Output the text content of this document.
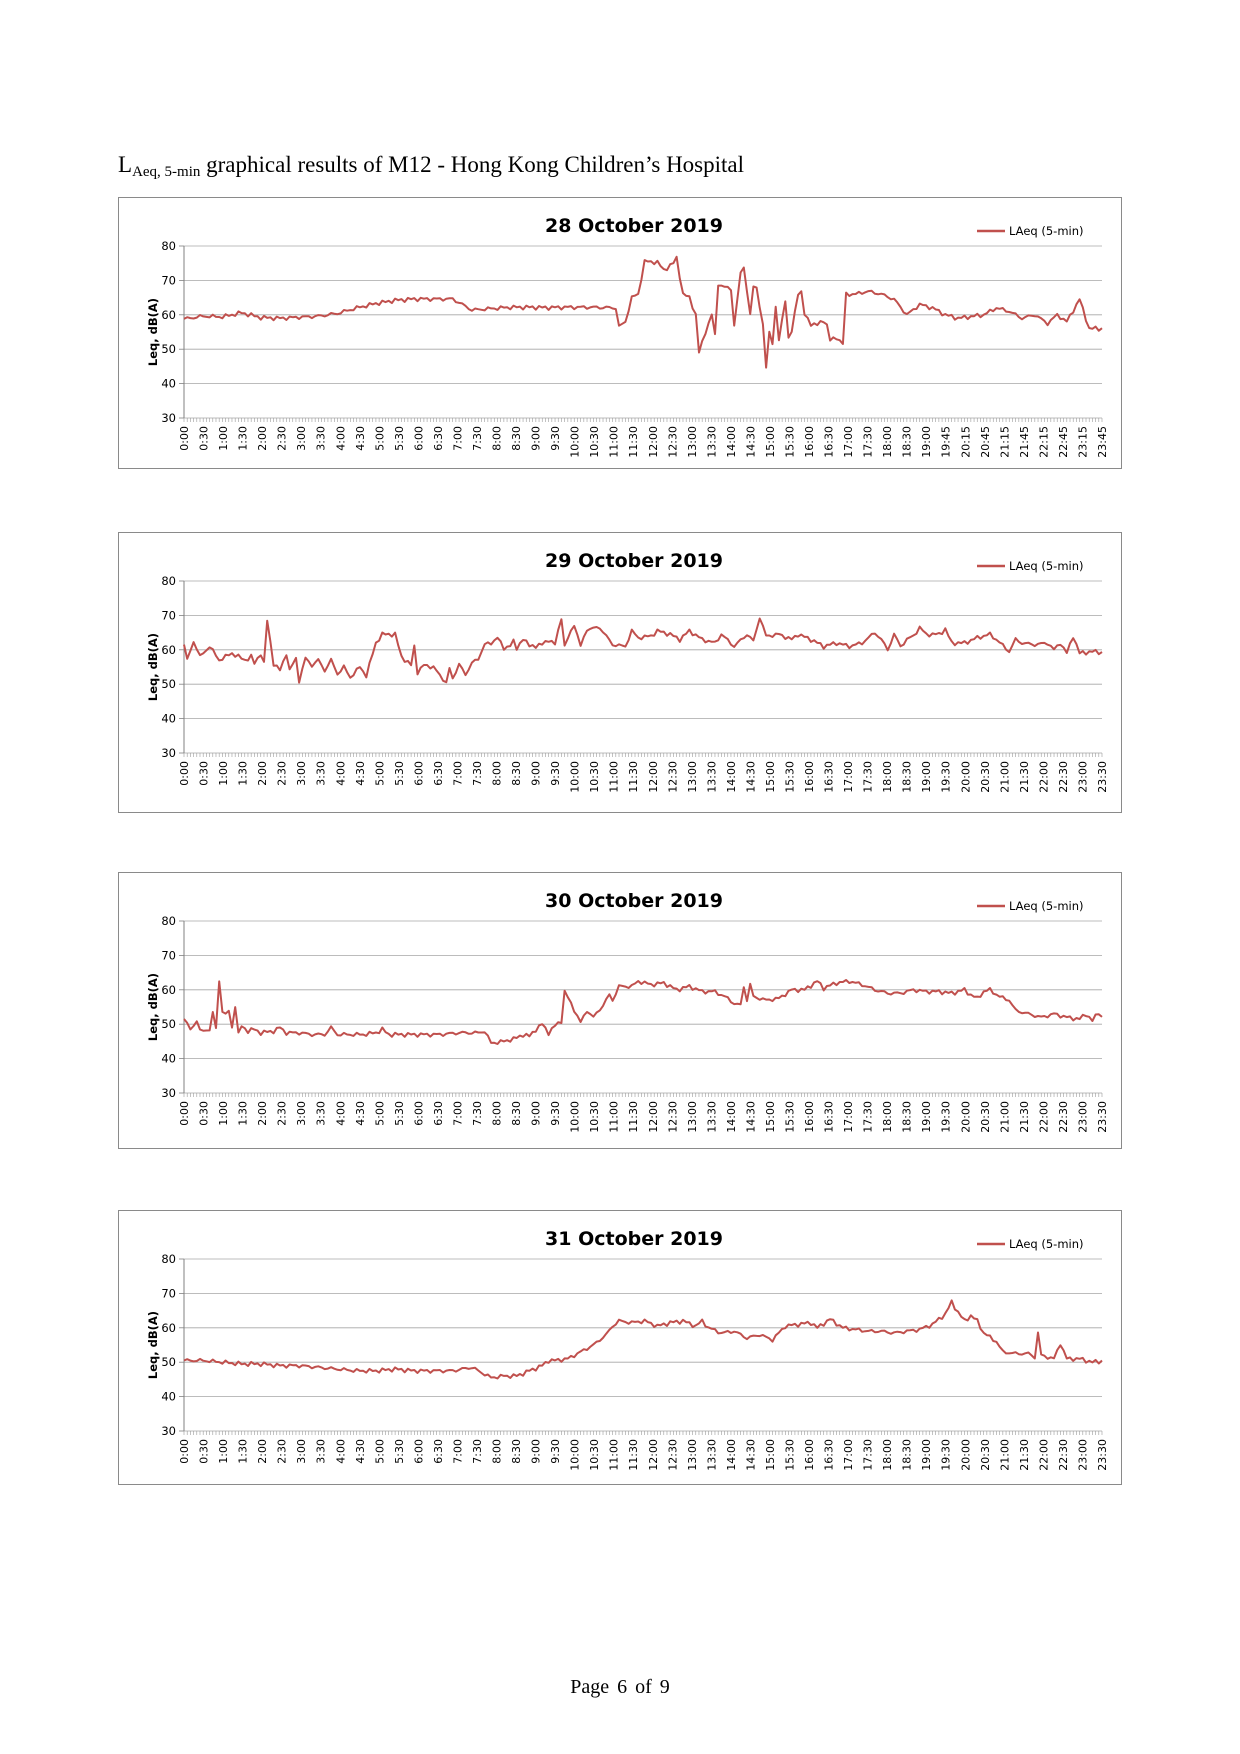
$L_{Aeq, 5-min}$ graphical results of M12 - Hong Kong Children’s Hospital
28 October 2019	LAeq (5-min)
30
40
50
60
70
80
Leq, dB(A)
0:00 0:30 1:00 1:30 2:00 2:30 3:00 3:30 4:00 4:30 5:00 5:30 6:00 6:30 7:00 7:30 8:00 8:30 9:00 9:30 10:00 10:30 11:00 11:30 12:00 12:30 13:00 13:30 14:00 14:30 15:00 15:30 16:00 16:30 17:00 17:30 18:00 18:30 19:00 19:45 20:15 20:45 21:15 21:45 22:15 22:45 23:15 23:45
29 October 2019	LAeq (5-min)
30
40
50
60
70
80
Leq, dB(A)
0:00 0:30 1:00 1:30 2:00 2:30 3:00 3:30 4:00 4:30 5:00 5:30 6:00 6:30 7:00 7:30 8:00 8:30 9:00 9:30 10:00 10:30 11:00 11:30 12:00 12:30 13:00 13:30 14:00 14:30 15:00 15:30 16:00 16:30 17:00 17:30 18:00 18:30 19:00 19:30 20:00 20:30 21:00 21:30 22:00 22:30 23:00 23:30
30 October 2019	LAeq (5-min)
30
40
50
60
70
80
Leq, dB(A)
0:00 0:30 1:00 1:30 2:00 2:30 3:00 3:30 4:00 4:30 5:00 5:30 6:00 6:30 7:00 7:30 8:00 8:30 9:00 9:30 10:00 10:30 11:00 11:30 12:00 12:30 13:00 13:30 14:00 14:30 15:00 15:30 16:00 16:30 17:00 17:30 18:00 18:30 19:00 19:30 20:00 20:30 21:00 21:30 22:00 22:30 23:00 23:30
31 October 2019	LAeq (5-min)
30
40
50
60
70
80
Leq, dB(A)
0:00 0:30 1:00 1:30 2:00 2:30 3:00 3:30 4:00 4:30 5:00 5:30 6:00 6:30 7:00 7:30 8:00 8:30 9:00 9:30 10:00 10:30 11:00 11:30 12:00 12:30 13:00 13:30 14:00 14:30 15:00 15:30 16:00 16:30 17:00 17:30 18:00 18:30 19:00 19:30 20:00 20:30 21:00 21:30 22:00 22:30 23:00 23:30
Page 6 of 9
